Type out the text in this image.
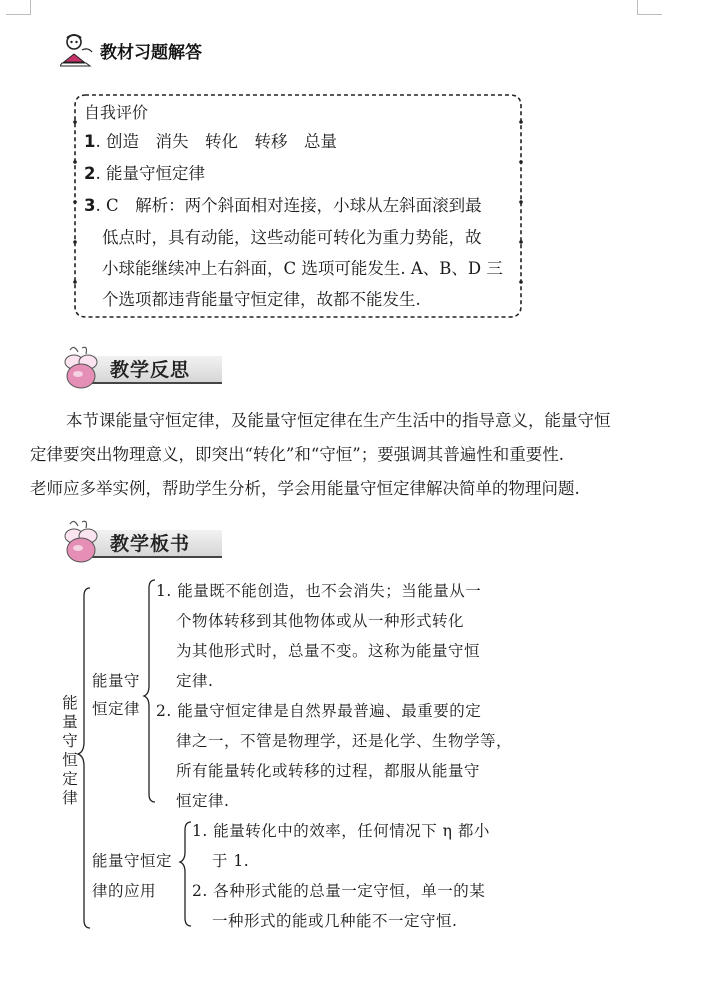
教材习题解答
自我评价
1. 创造　消失　转化　转移　总量
2. 能量守恒定律
3. C　解析：两个斜面相对连接，小球从左斜面滚到最
低点时，具有动能，这些动能可转化为重力势能，故
小球能继续冲上右斜面，C 选项可能发生. A、B、D 三
个选项都违背能量守恒定律，故都不能发生.
教学反思
本节课能量守恒定律，及能量守恒定律在生产生活中的指导意义，能量守恒
定律要突出物理意义，即突出“转化”和“守恒”；要强调其普遍性和重要性.
老师应多举实例，帮助学生分析，学会用能量守恒定律解决简单的物理问题.
教学板书
能量守恒定律
能量守
恒定律
1. 能量既不能创造，也不会消失；当能量从一
个物体转移到其他物体或从一种形式转化
为其他形式时，总量不变。这称为能量守恒
定律.
2. 能量守恒定律是自然界最普遍、最重要的定
律之一，不管是物理学，还是化学、生物学等，
所有能量转化或转移的过程，都服从能量守
恒定律.
能量守恒定
律的应用
1. 能量转化中的效率，任何情况下 η 都小
于 1.
2. 各种形式能的总量一定守恒，单一的某
一种形式的能或几种能不一定守恒.
